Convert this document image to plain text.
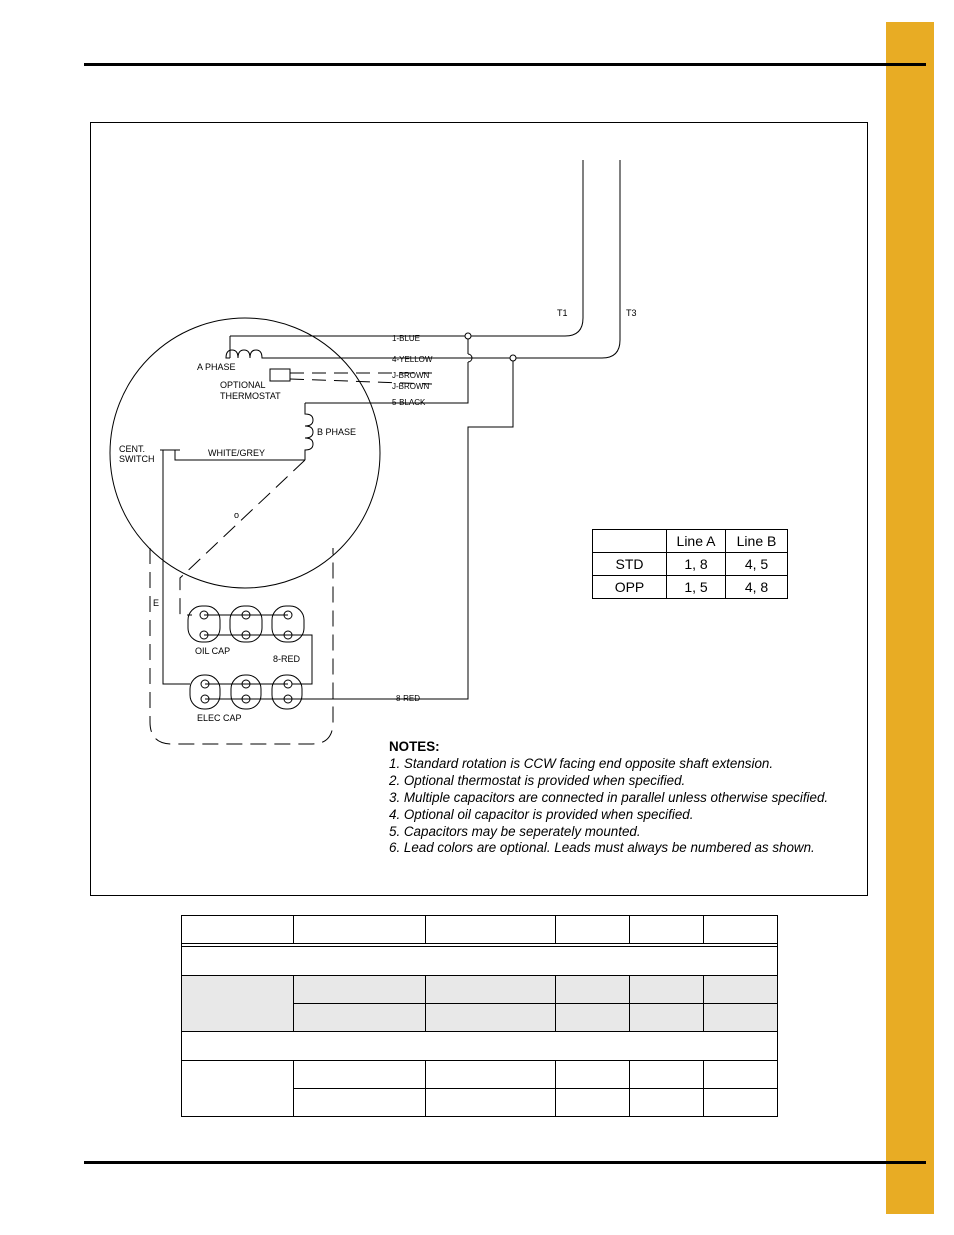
T1	T3
1-BLUE
4-YELLOW
J-BROWN
J-BROWN
5-BLACK
8-RED
A PHASE
OPTIONAL
THERMOSTAT
B PHASE
CENT.
SWITCH
WHITE/GREY
o
E
OIL CAP
8-RED
ELEC CAP
	Line A	Line B
STD	1, 8	4, 5
OPP	1, 5	4, 8
NOTES:
1. Standard rotation is CCW facing end opposite shaft extension.
2. Optional thermostat is provided when specified.
3. Multiple capacitors are connected in parallel unless otherwise specified.
4. Optional oil capacitor is provided when specified.
5. Capacitors may be seperately mounted.
6. Lead colors are optional. Leads must always be numbered as shown.
